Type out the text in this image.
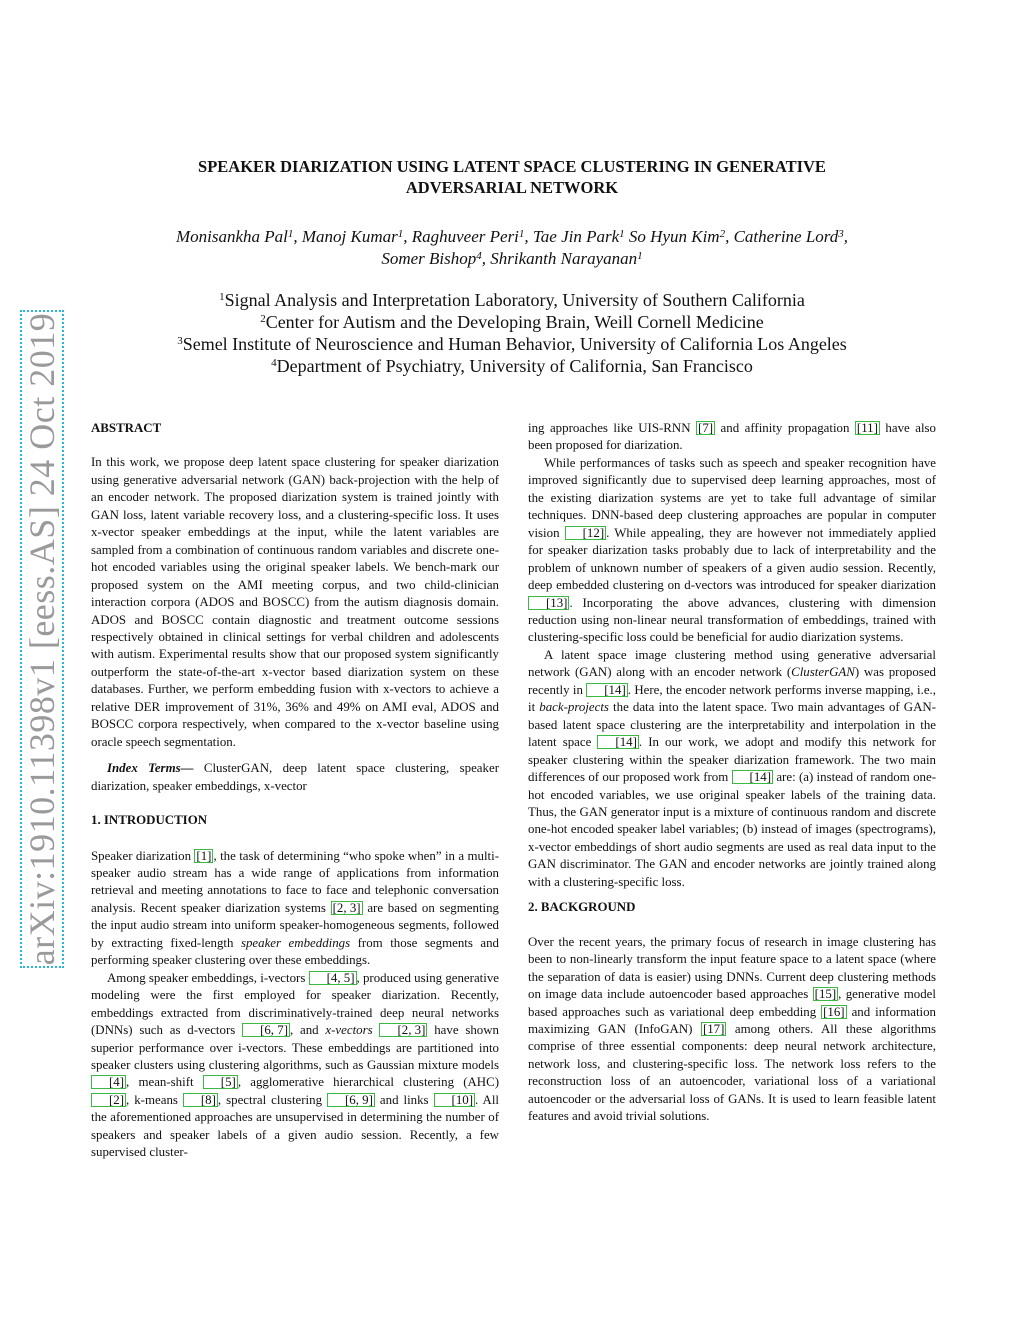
arXiv:1910.11398v1 [eess.AS] 24 Oct 2019
SPEAKER DIARIZATION USING LATENT SPACE CLUSTERING IN GENERATIVE
ADVERSARIAL NETWORK
Monisankha Pal$^1$, Manoj Kumar$^1$, Raghuveer Peri$^1$, Tae Jin Park$^1$ So Hyun Kim$^2$, Catherine Lord$^3$,
Somer Bishop$^4$, Shrikanth Narayanan$^1$
$^1$Signal Analysis and Interpretation Laboratory, University of Southern California
$^2$Center for Autism and the Developing Brain, Weill Cornell Medicine
$^3$Semel Institute of Neuroscience and Human Behavior, University of California Los Angeles
$^4$Department of Psychiatry, University of California, San Francisco

ABSTRACT

In this work, we propose deep latent space clustering for speaker diarization using generative adversarial network (GAN) back-projection with the help of an encoder network. The proposed diarization system is trained jointly with GAN loss, latent variable recovery loss, and a clustering-specific loss. It uses x-vector speaker embeddings at the input, while the latent variables are sampled from a combination of continuous random variables and discrete one-hot encoded variables using the original speaker labels. We bench-mark our proposed system on the AMI meeting corpus, and two child-clinician interaction corpora (ADOS and BOSCC) from the autism diagnosis domain. ADOS and BOSCC contain diagnostic and treatment outcome sessions respectively obtained in clinical settings for verbal children and adolescents with autism. Experimental results show that our proposed system significantly outperform the state-of-the-art x-vector based diarization system on these databases. Further, we perform embedding fusion with x-vectors to achieve a relative DER improvement of 31%, 36% and 49% on AMI eval, ADOS and BOSCC corpora respectively, when compared to the x-vector baseline using oracle speech segmentation.

Index Terms— ClusterGAN, deep latent space clustering, speaker diarization, speaker embeddings, x-vector

1. INTRODUCTION

Speaker diarization [1] , the task of determining “who spoke when” in a multi-speaker audio stream has a wide range of applications from information retrieval and meeting annotations to face to face and telephonic conversation analysis. Recent speaker diarization systems [2, 3] are based on segmenting the input audio stream into uniform speaker-homogeneous segments, followed by extracting fixed-length speaker embeddings from those segments and performing speaker clustering over these embeddings.

Among speaker embeddings, i-vectors [4, 5] , produced using generative modeling were the first employed for speaker diarization. Recently, embeddings extracted from discriminatively-trained deep neural networks (DNNs) such as d-vectors [6, 7] , and x-vectors [2, 3] have shown superior performance over i-vectors. These embeddings are partitioned into speaker clusters using clustering algorithms, such as Gaussian mixture models [4] , mean-shift [5] , agglomerative hierarchical clustering (AHC) [2] , k-means [8] , spectral clustering [6, 9] and links [10] . All the aforementioned approaches are unsupervised in determining the number of speakers and speaker labels of a given audio session. Recently, a few supervised cluster-

ing approaches like UIS-RNN [7] and affinity propagation [11] have also been proposed for diarization.

While performances of tasks such as speech and speaker recognition have improved significantly due to supervised deep learning approaches, most of the existing diarization systems are yet to take full advantage of similar techniques. DNN-based deep clustering approaches are popular in computer vision [12] . While appealing, they are however not immediately applied for speaker diarization tasks probably due to lack of interpretability and the problem of unknown number of speakers of a given audio session. Recently, deep embedded clustering on d-vectors was introduced for speaker diarization [13] . Incorporating the above advances, clustering with dimension reduction using non-linear neural transformation of embeddings, trained with clustering-specific loss could be beneficial for audio diarization systems.

A latent space image clustering method using generative adversarial network (GAN) along with an encoder network (ClusterGAN) was proposed recently in [14] . Here, the encoder network performs inverse mapping, i.e., it back-projects the data into the latent space. Two main advantages of GAN-based latent space clustering are the interpretability and interpolation in the latent space [14] . In our work, we adopt and modify this network for speaker clustering within the speaker diarization framework. The two main differences of our proposed work from [14] are: (a) instead of random one-hot encoded variables, we use original speaker labels of the training data. Thus, the GAN generator input is a mixture of continuous random and discrete one-hot encoded speaker label variables; (b) instead of images (spectrograms), x-vector embeddings of short audio segments are used as real data input to the GAN discriminator. The GAN and encoder networks are jointly trained along with a clustering-specific loss.

2. BACKGROUND

Over the recent years, the primary focus of research in image clustering has been to non-linearly transform the input feature space to a latent space (where the separation of data is easier) using DNNs. Current deep clustering methods on image data include autoencoder based approaches [15] , generative model based approaches such as variational deep embedding [16] and information maximizing GAN (InfoGAN) [17] among others. All these algorithms comprise of three essential components: deep neural network architecture, network loss, and clustering-specific loss. The network loss refers to the reconstruction loss of an autoencoder, variational loss of a variational autoencoder or the adversarial loss of GANs. It is used to learn feasible latent features and avoid trivial solutions.
